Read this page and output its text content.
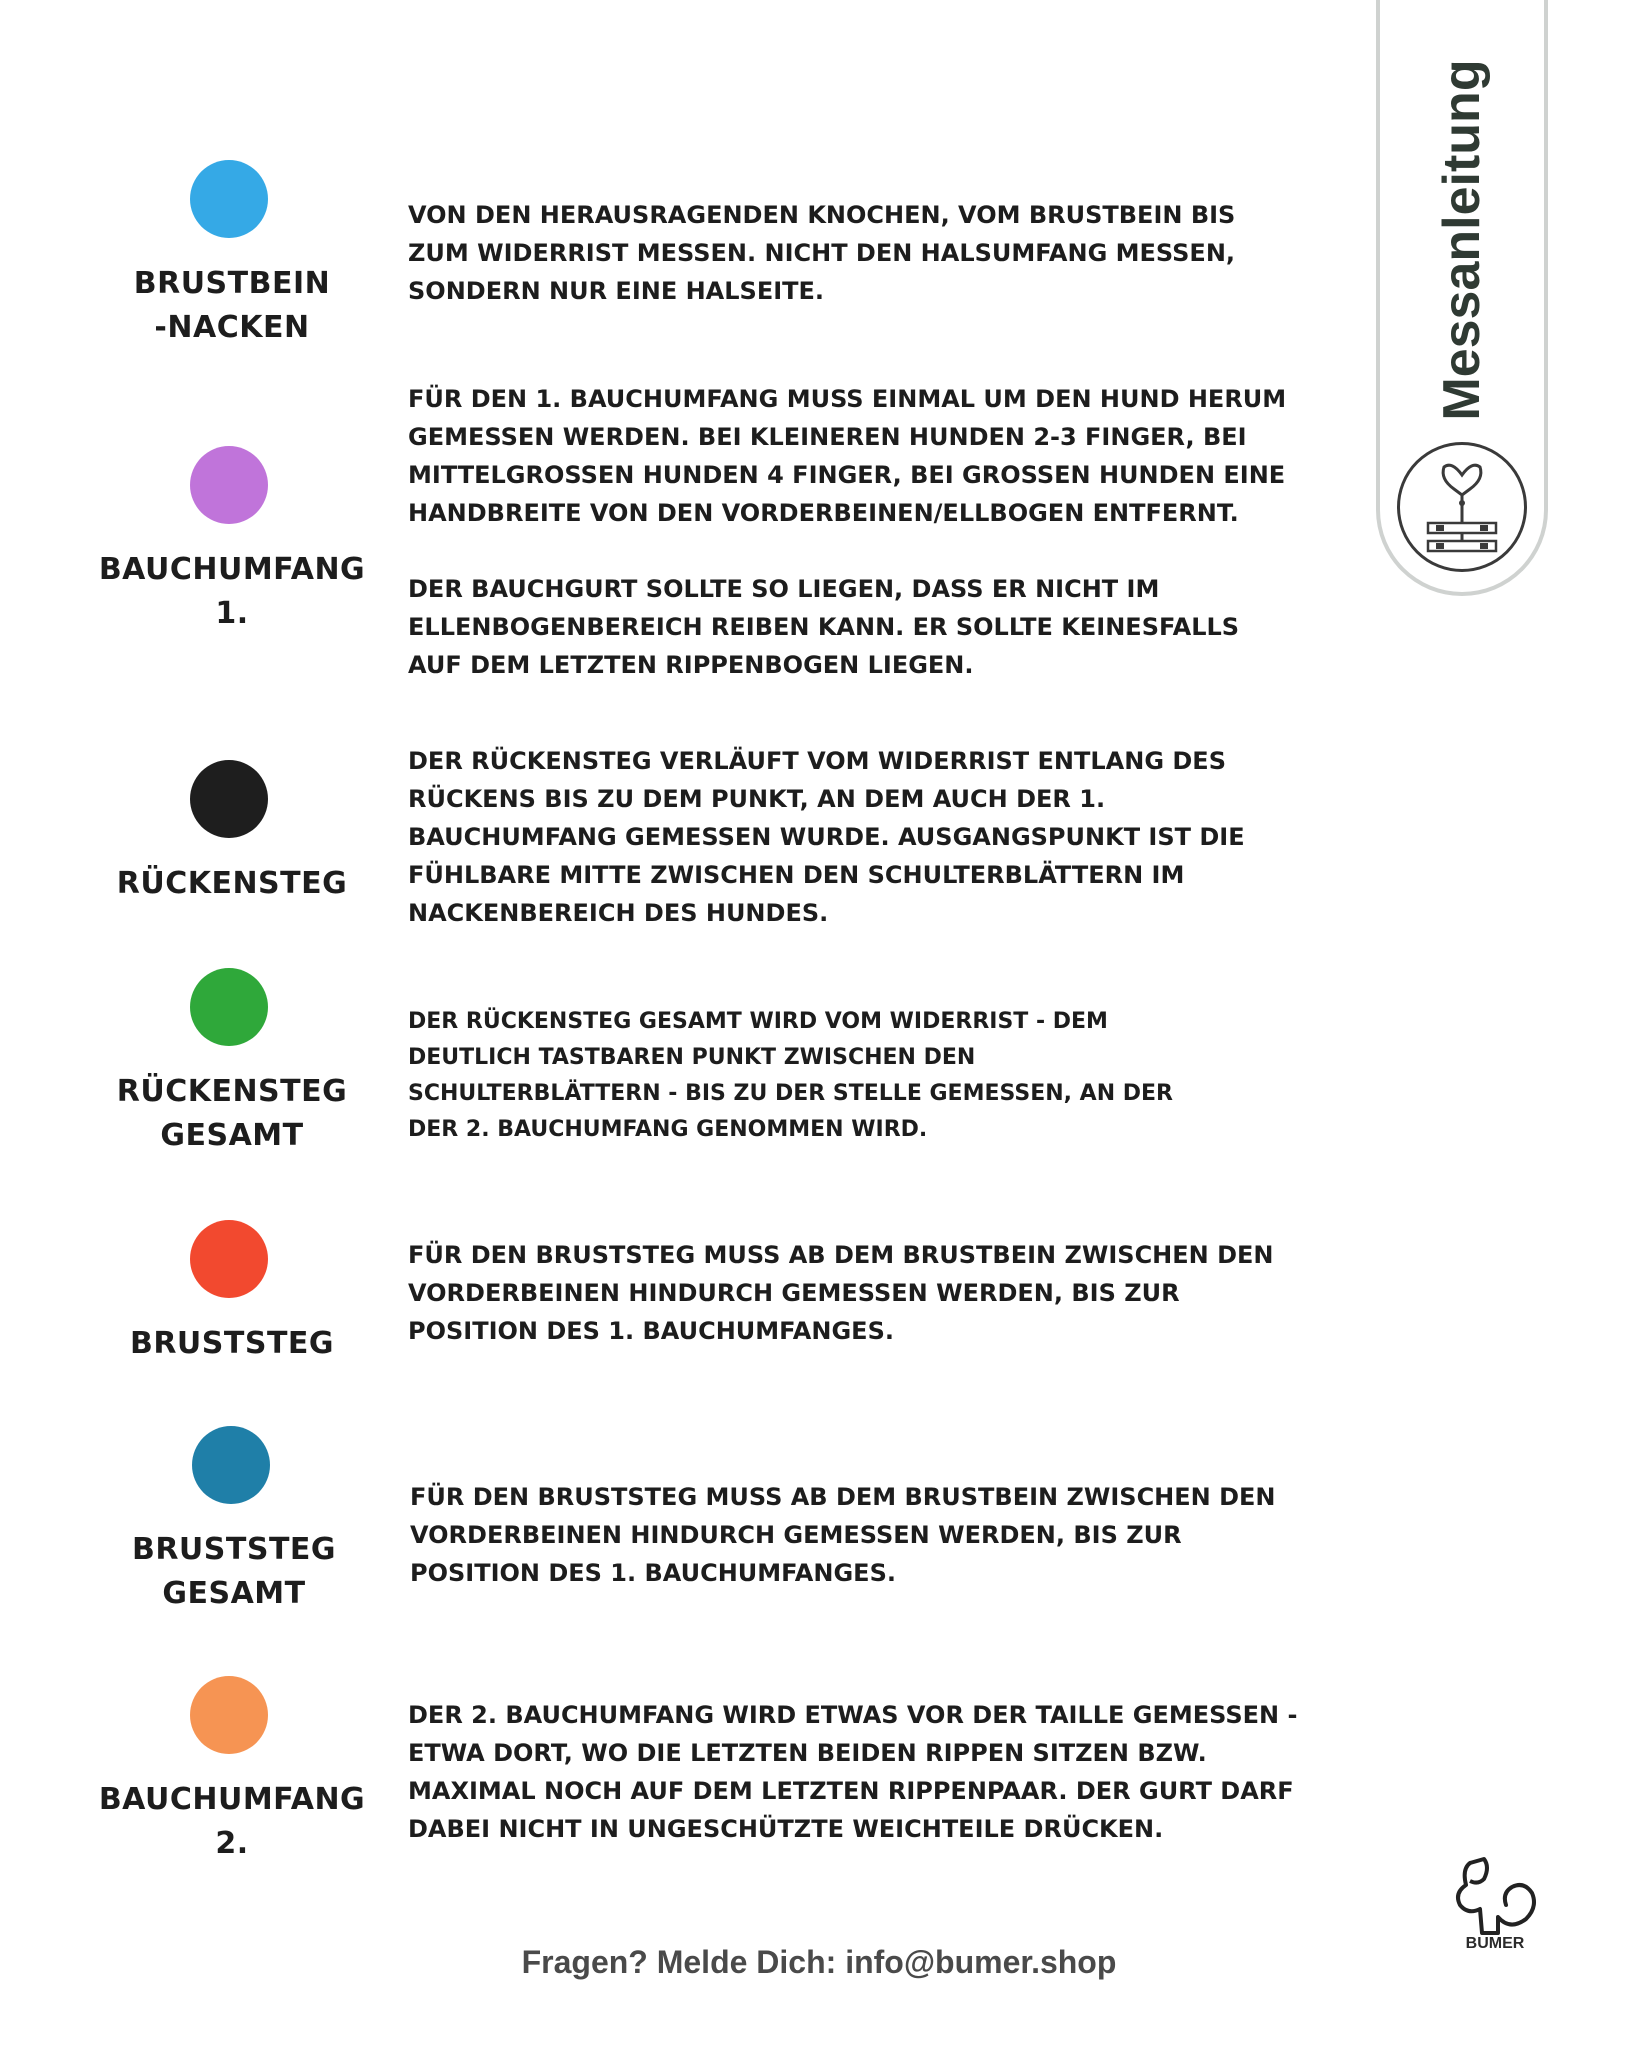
Messanleitung
BRUSTBEIN
-NACKEN
VON DEN HERAUSRAGENDEN KNOCHEN, VOM BRUSTBEIN BIS ZUM WIDERRIST MESSEN. NICHT DEN HALSUMFANG MESSEN, SONDERN NUR EINE HALSEITE.
BAUCHUMFANG
1.

FÜR DEN 1. BAUCHUMFANG MUSS EINMAL UM DEN HUND HERUM GEMESSEN WERDEN. BEI KLEINEREN HUNDEN 2-3 FINGER, BEI MITTELGROSSEN HUNDEN 4 FINGER, BEI GROSSEN HUNDEN EINE HANDBREITE VON DEN VORDERBEINEN/ELLBOGEN ENTFERNT.

DER BAUCHGURT SOLLTE SO LIEGEN, DASS ER NICHT IM ELLENBOGENBEREICH REIBEN KANN. ER SOLLTE KEINESFALLS AUF DEM LETZTEN RIPPENBOGEN LIEGEN.

RÜCKENSTEG
DER RÜCKENSTEG VERLÄUFT VOM WIDERRIST ENTLANG DES RÜCKENS BIS ZU DEM PUNKT, AN DEM AUCH DER 1. BAUCHUMFANG GEMESSEN WURDE. AUSGANGSPUNKT IST DIE FÜHLBARE MITTE ZWISCHEN DEN SCHULTERBLÄTTERN IM NACKENBEREICH DES HUNDES.
RÜCKENSTEG
GESAMT
DER RÜCKENSTEG GESAMT WIRD VOM WIDERRIST - DEM DEUTLICH TASTBAREN PUNKT ZWISCHEN DEN SCHULTERBLÄTTERN - BIS ZU DER STELLE GEMESSEN, AN DER DER 2. BAUCHUMFANG GENOMMEN WIRD.
BRUSTSTEG
FÜR DEN BRUSTSTEG MUSS AB DEM BRUSTBEIN ZWISCHEN DEN VORDERBEINEN HINDURCH GEMESSEN WERDEN, BIS ZUR POSITION DES 1. BAUCHUMFANGES.
BRUSTSTEG
GESAMT
FÜR DEN BRUSTSTEG MUSS AB DEM BRUSTBEIN ZWISCHEN DEN VORDERBEINEN HINDURCH GEMESSEN WERDEN, BIS ZUR POSITION DES 1. BAUCHUMFANGES.
BAUCHUMFANG
2.
DER 2. BAUCHUMFANG WIRD ETWAS VOR DER TAILLE GEMESSEN - ETWA DORT, WO DIE LETZTEN BEIDEN RIPPEN SITZEN BZW. MAXIMAL NOCH AUF DEM LETZTEN RIPPENPAAR. DER GURT DARF DABEI NICHT IN UNGESCHÜTZTE WEICHTEILE DRÜCKEN.
Fragen? Melde Dich: info@bumer.shop
BUMER
